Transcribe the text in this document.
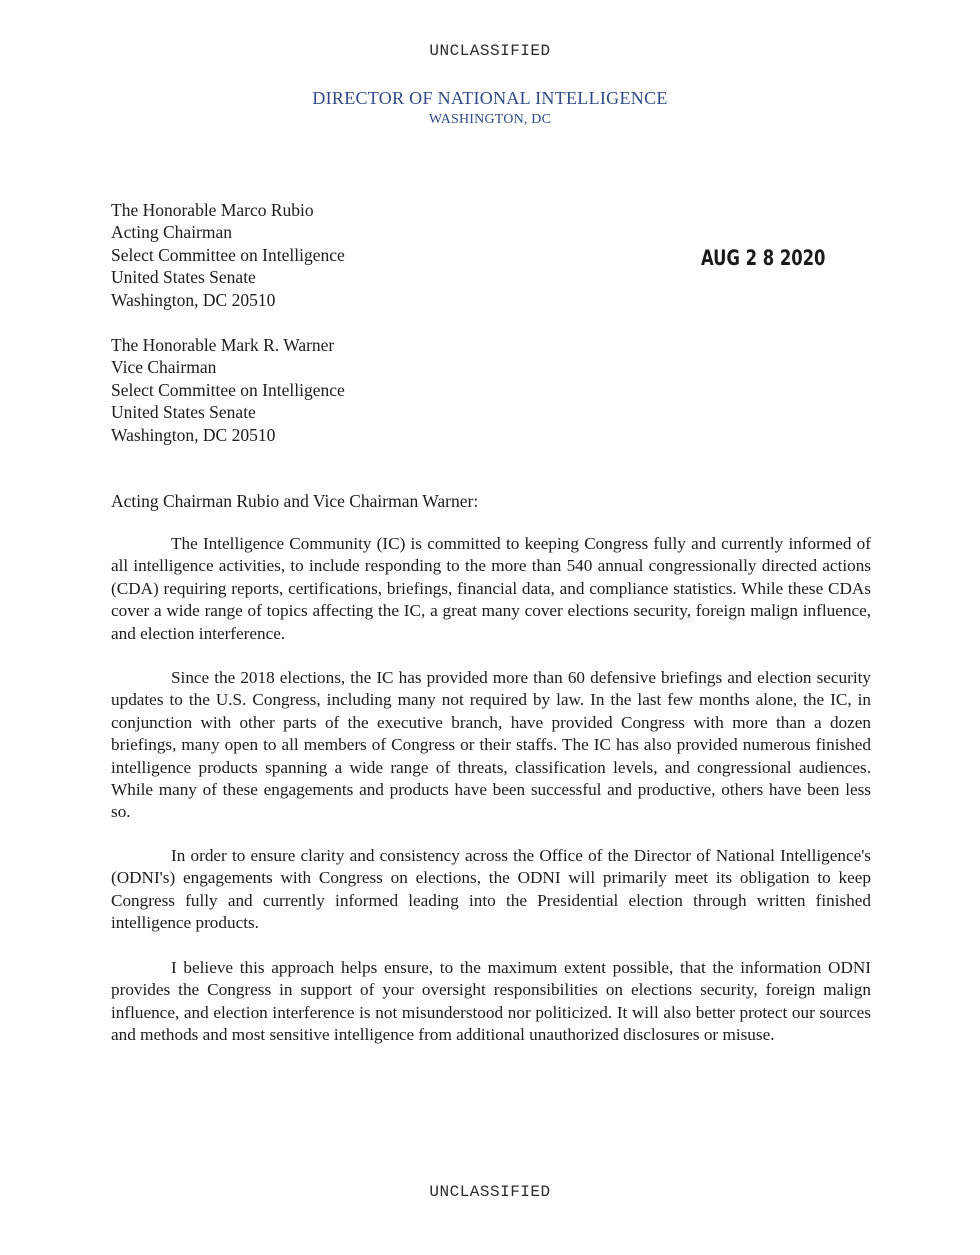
UNCLASSIFIED
DIRECTOR OF NATIONAL INTELLIGENCE
WASHINGTON, DC
The Honorable Marco Rubio
Acting Chairman
Select Committee on Intelligence
United States Senate
Washington, DC 20510
AUG 2 8 2020
The Honorable Mark R. Warner
Vice Chairman
Select Committee on Intelligence
United States Senate
Washington, DC 20510
Acting Chairman Rubio and Vice Chairman Warner:

The Intelligence Community (IC) is committed to keeping Congress fully and currently informed of all intelligence activities, to include responding to the more than 540 annual congressionally directed actions (CDA) requiring reports, certifications, briefings, financial data, and compliance statistics. While these CDAs cover a wide range of topics affecting the IC, a great many cover elections security, foreign malign influence, and election interference.

Since the 2018 elections, the IC has provided more than 60 defensive briefings and election security updates to the U.S. Congress, including many not required by law. In the last few months alone, the IC, in conjunction with other parts of the executive branch, have provided Congress with more than a dozen briefings, many open to all members of Congress or their staffs. The IC has also provided numerous finished intelligence products spanning a wide range of threats, classification levels, and congressional audiences. While many of these engagements and products have been successful and productive, others have been less so.

In order to ensure clarity and consistency across the Office of the Director of National Intelligence's (ODNI's) engagements with Congress on elections, the ODNI will primarily meet its obligation to keep Congress fully and currently informed leading into the Presidential election through written finished intelligence products.

I believe this approach helps ensure, to the maximum extent possible, that the information ODNI provides the Congress in support of your oversight responsibilities on elections security, foreign malign influence, and election interference is not misunderstood nor politicized. It will also better protect our sources and methods and most sensitive intelligence from additional unauthorized disclosures or misuse.

UNCLASSIFIED
